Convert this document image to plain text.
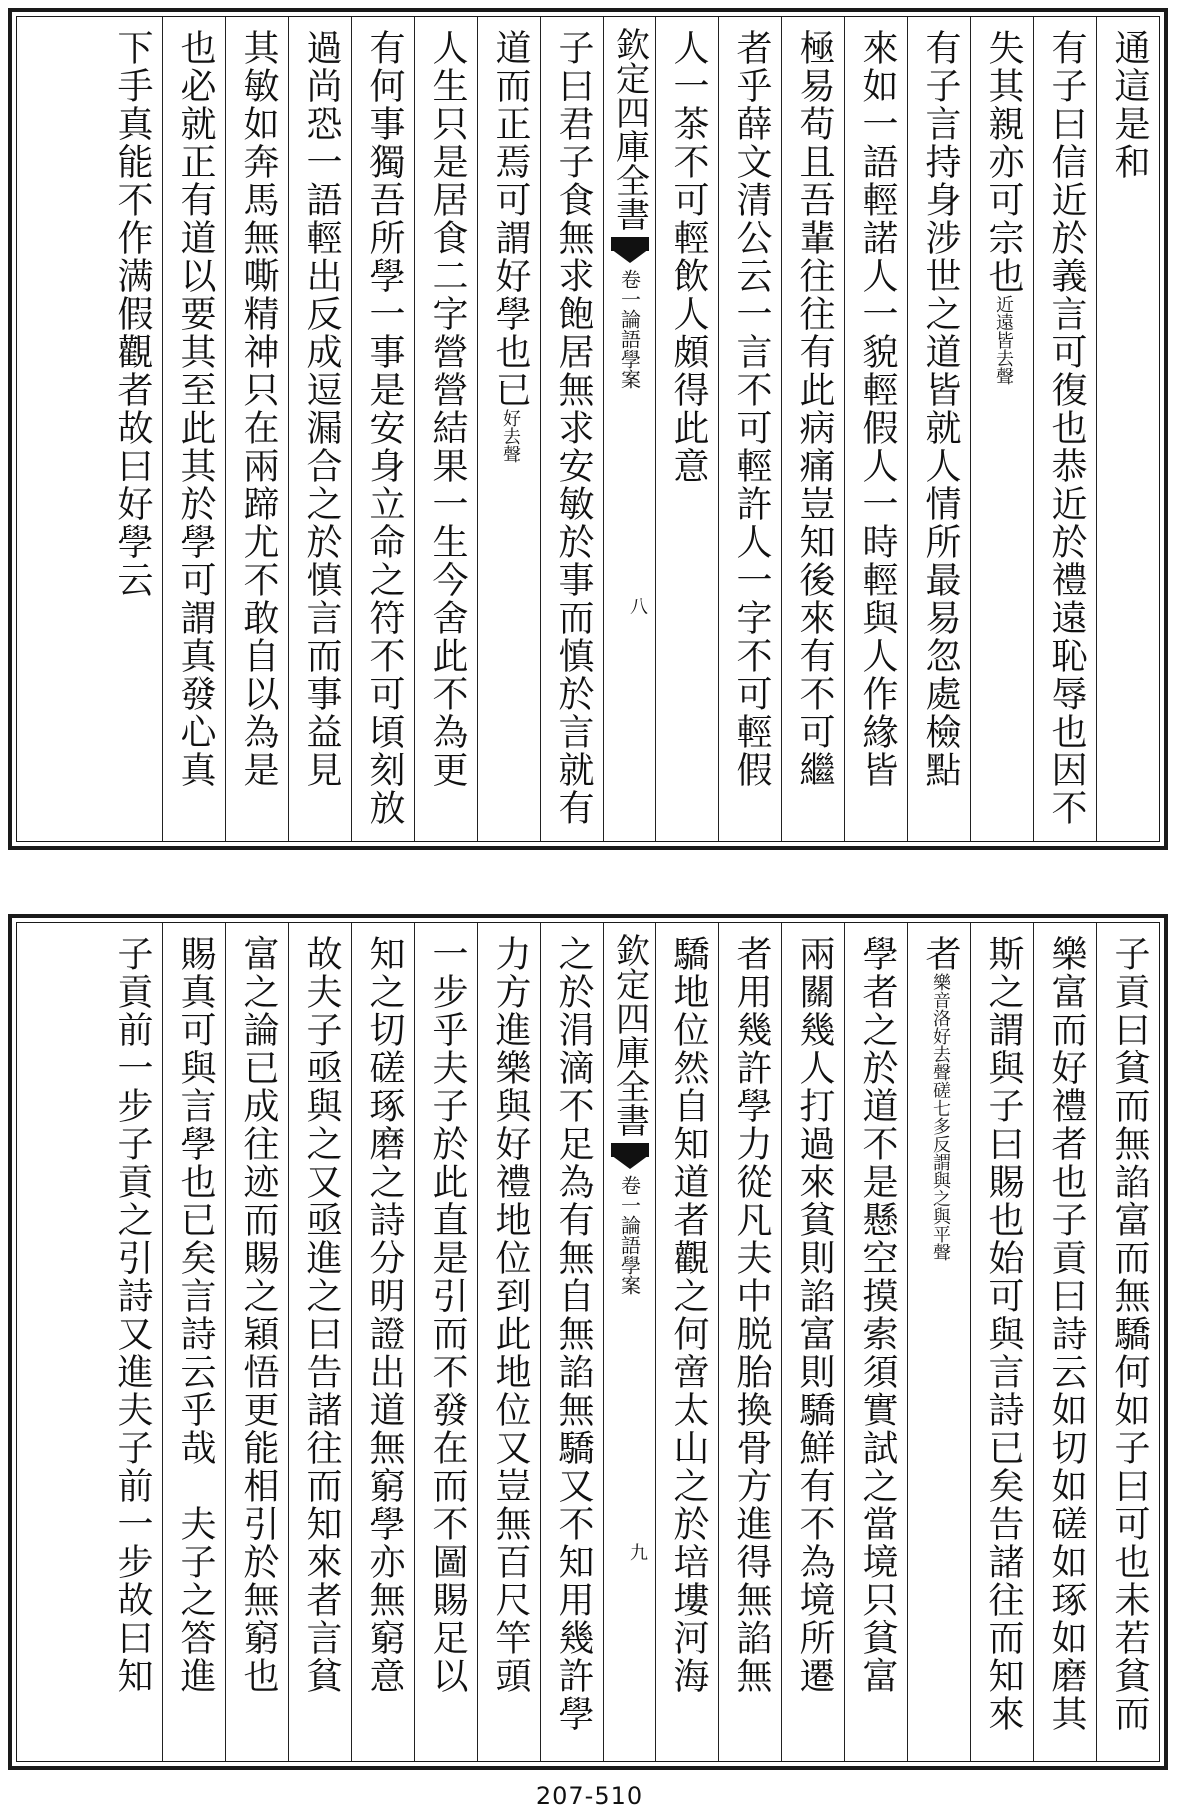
通這是和
有子曰信近於義言可復也恭近於禮遠恥辱也因不
失其親亦可宗也近遠皆去聲
有子言持身涉世之道皆就人情所最易忽處檢點
來如一語輕諾人一貌輕假人一時輕與人作緣皆
極易苟且吾輩往往有此病痛豈知後來有不可繼
者乎薛文清公云一言不可輕許人一字不可輕假
人一茶不可輕飲人頗得此意
欽定四庫全書
論語學案
卷一
八
子曰君子食無求飽居無求安敏於事而慎於言就有
道而正焉可謂好學也已好去聲
人生只是居食二字營營結果一生今舍此不為更
有何事獨吾所學一事是安身立命之符不可頃刻放
過尚恐一語輕出反成逗漏合之於慎言而事益見
其敏如奔馬無嘶精神只在兩蹄尤不敢自以為是
也必就正有道以要其至此其於學可謂真發心真
下手真能不作满假觀者故曰好學云
子貢曰貧而無諂富而無驕何如子曰可也未若貧而
樂富而好禮者也子貢曰詩云如切如磋如琢如磨其
斯之謂與子曰賜也始可與言詩已矣告諸往而知來
者樂音洛好去聲磋七多反謂與之與平聲
學者之於道不是懸空摸索須實試之當境只貧富
兩關幾人打過來貧則諂富則驕鮮有不為境所遷
者用幾許學力從凡夫中脱胎換骨方進得無諂無
驕地位然自知道者觀之何啻太山之於培塿河海
欽定四庫全書
論語學案
卷一
九
之於涓滴不足為有無自無諂無驕又不知用幾許學
力方進樂與好禮地位到此地位又豈無百尺竿頭
一步乎夫子於此直是引而不發在而不圖賜足以
知之切磋琢磨之詩分明證出道無窮學亦無窮意
故夫子亟與之又亟進之曰告諸往而知來者言貧
富之論已成往迹而賜之穎悟更能相引於無窮也
賜真可與言學也已矣言詩云乎哉　夫子之答進
子貢前一步子貢之引詩又進夫子前一步故曰知
207-510
